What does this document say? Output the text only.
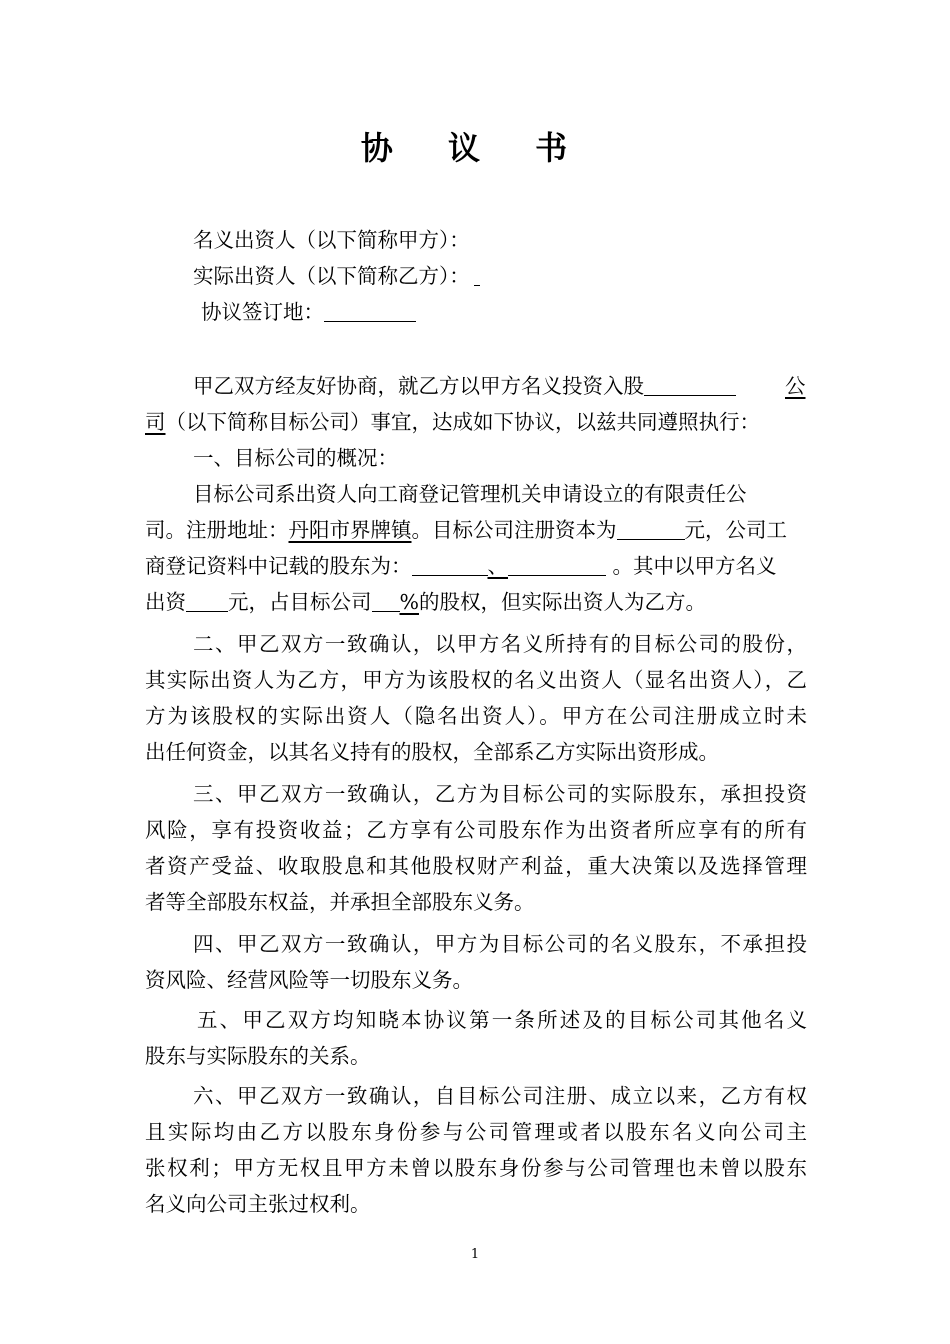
协 议 书
名义出资人（以下简称甲方）：
实际出资人（以下简称乙方）：
协议签订地：
甲乙双方经友好协商，就乙方以甲方名义投资入股	公
司（以下简称目标公司）事宜，达成如下协议，以兹共同遵照执行：
一、目标公司的概况：
目标公司系出资人向工商登记管理机关申请设立的有限责任公
司。注册地址：丹阳市界牌镇。目标公司注册资本为	元，公司工
商登记资料中记载的股东为：	、	。其中以甲方名义
出资 元，占目标公司 %的股权，但实际出资人为乙方。
二、甲乙双方一致确认，以甲方名义所持有的目标公司的股份，
其实际出资人为乙方，甲方为该股权的名义出资人（显名出资人），乙
方为该股权的实际出资人（隐名出资人）。甲方在公司注册成立时未
出任何资金，以其名义持有的股权，全部系乙方实际出资形成。
三、甲乙双方一致确认，乙方为目标公司的实际股东，承担投资
风险，享有投资收益；乙方享有公司股东作为出资者所应享有的所有
者资产受益、收取股息和其他股权财产利益，重大决策以及选择管理
者等全部股东权益，并承担全部股东义务。
四、甲乙双方一致确认，甲方为目标公司的名义股东，不承担投
资风险、经营风险等一切股东义务。
五、甲乙双方均知晓本协议第一条所述及的目标公司其他名义
股东与实际股东的关系。
六、甲乙双方一致确认，自目标公司注册、成立以来，乙方有权
且实际均由乙方以股东身份参与公司管理或者以股东名义向公司主
张权利；甲方无权且甲方未曾以股东身份参与公司管理也未曾以股东
名义向公司主张过权利。
1
